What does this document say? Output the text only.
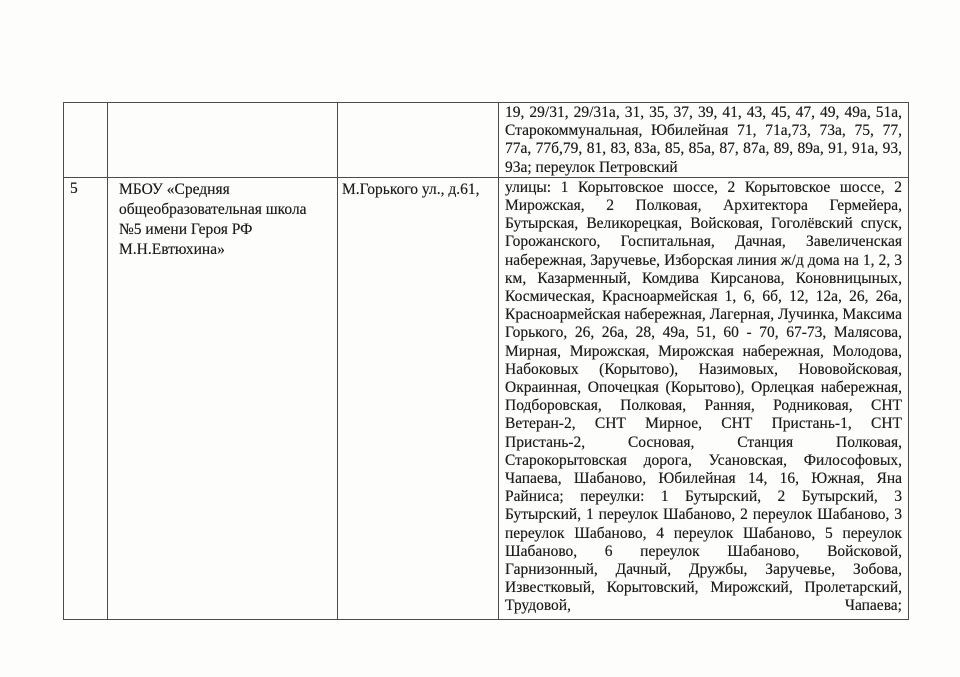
			19, 29/31, 29/31а, 31, 35, 37, 39, 41, 43, 45, 47, 49, 49а, 51а, Старокоммунальная, Юбилейная 71, 71а,73, 73а, 75, 77, 77а, 77б,79, 81, 83, 83а, 85, 85а, 87, 87а, 89, 89а, 91, 91а, 93, 93а; переулок Петровский
5	МБОУ «Средняя общеобразовательная школа №5 имени Героя РФ М.Н.Евтюхина»	М.Горького ул., д.61,	улицы: 1 Корытовское шоссе, 2 Корытовское шоссе, 2 Мирожская, 2 Полковая, Архитектора Гермейера, Бутырская, Великорецкая, Войсковая, Гоголёвский спуск, Горожанского, Госпитальная, Дачная, Завеличенская набережная, Заручевье, Изборская линия ж/д дома на 1, 2, 3 км, Казарменный, Комдива Кирсанова, Коновницыных, Космическая, Красноармейская 1, 6, 6б, 12, 12а, 26, 26а, Красноармейская набережная, Лагерная, Лучинка, Максима Горького, 26, 26а, 28, 49а, 51, 60 - 70, 67-73, Малясова, Мирная, Мирожская, Мирожская набережная, Молодова, Набоковых (Корытово), Назимовых, Нововойсковая, Окраинная, Опочецкая (Корытово), Орлецкая набережная, Подборовская, Полковая, Ранняя, Родниковая, СНТ Ветеран-2, СНТ Мирное, СНТ Пристань-1, СНТ Пристань-2, Сосновая, Станция Полковая, Старокорытовская дорога, Усановская, Философовых, Чапаева, Шабаново, Юбилейная 14, 16, Южная, Яна Райниса; переулки: 1 Бутырский, 2 Бутырский, 3 Бутырский, 1 переулок Шабаново, 2 переулок Шабаново, 3 переулок Шабаново, 4 переулок Шабаново, 5 переулок Шабаново, 6 переулок Шабаново, Войсковой, Гарнизонный, Дачный, Дружбы, Заручевье, Зобова, Известковый, Корытовский, Мирожский, Пролетарский, Трудовой, Чапаева;
